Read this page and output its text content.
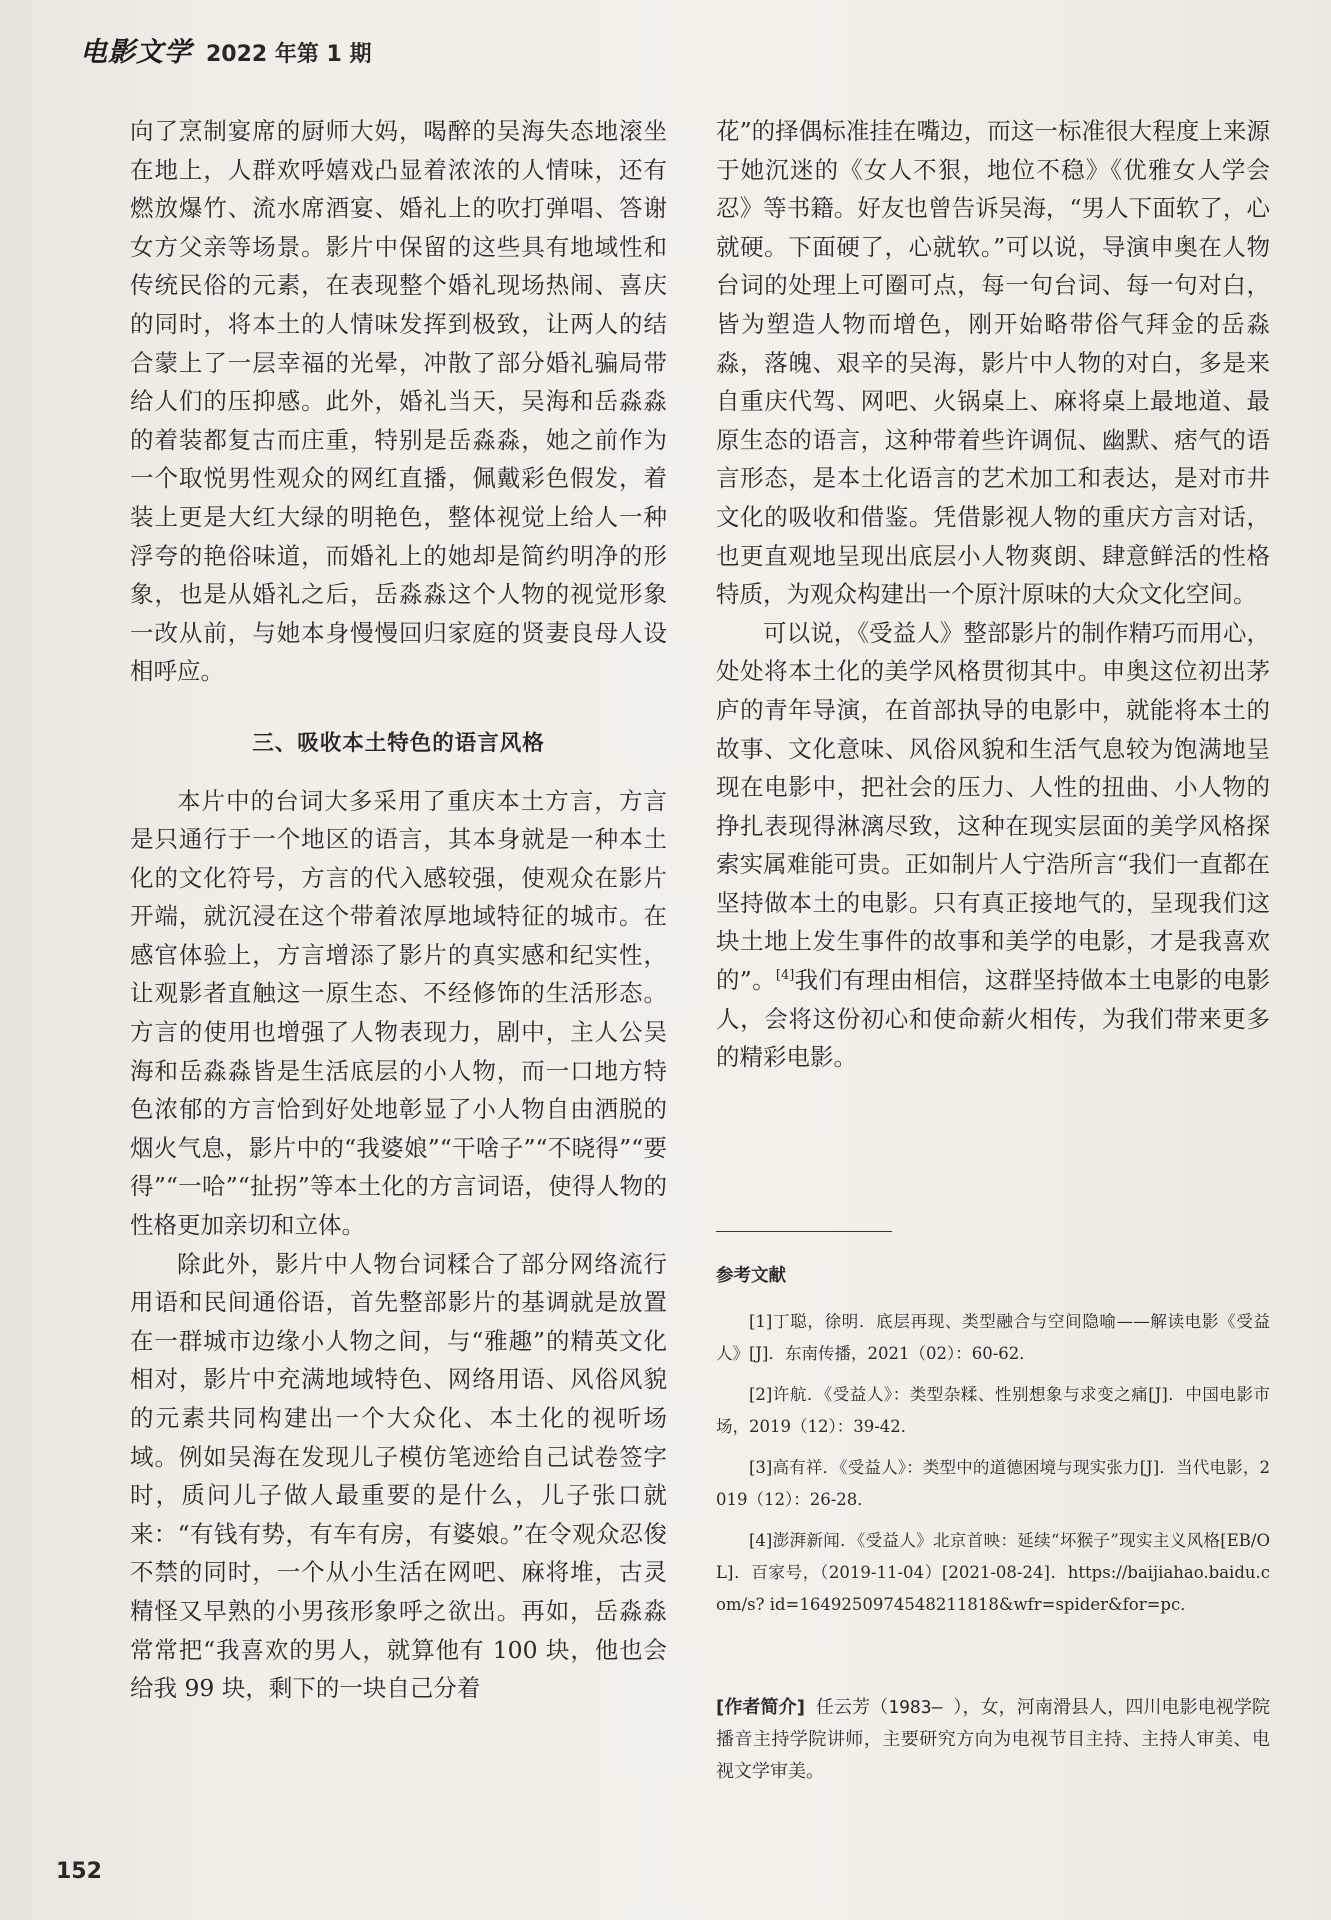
电影文学 2022 年第 1 期

向了烹制宴席的厨师大妈，喝醉的吴海失态地滚坐在地上，人群欢呼嬉戏凸显着浓浓的人情味，还有燃放爆竹、流水席酒宴、婚礼上的吹打弹唱、答谢女方父亲等场景。影片中保留的这些具有地域性和传统民俗的元素，在表现整个婚礼现场热闹、喜庆的同时，将本土的人情味发挥到极致，让两人的结合蒙上了一层幸福的光晕，冲散了部分婚礼骗局带给人们的压抑感。此外，婚礼当天，吴海和岳淼淼的着装都复古而庄重，特别是岳淼淼，她之前作为一个取悦男性观众的网红直播，佩戴彩色假发，着装上更是大红大绿的明艳色，整体视觉上给人一种浮夸的艳俗味道，而婚礼上的她却是简约明净的形象，也是从婚礼之后，岳淼淼这个人物的视觉形象一改从前，与她本身慢慢回归家庭的贤妻良母人设相呼应。

三、吸收本土特色的语言风格

本片中的台词大多采用了重庆本土方言，方言是只通行于一个地区的语言，其本身就是一种本土化的文化符号，方言的代入感较强，使观众在影片开端，就沉浸在这个带着浓厚地域特征的城市。在感官体验上，方言增添了影片的真实感和纪实性，让观影者直触这一原生态、不经修饰的生活形态。方言的使用也增强了人物表现力，剧中，主人公吴海和岳淼淼皆是生活底层的小人物，而一口地方特色浓郁的方言恰到好处地彰显了小人物自由洒脱的烟火气息，影片中的“我婆娘”“干啥子”“不晓得”“要得”“一哈”“扯拐”等本土化的方言词语，使得人物的性格更加亲切和立体。

除此外，影片中人物台词糅合了部分网络流行用语和民间通俗语，首先整部影片的基调就是放置在一群城市边缘小人物之间，与“雅趣”的精英文化相对，影片中充满地域特色、网络用语、风俗风貌的元素共同构建出一个大众化、本土化的视听场域。例如吴海在发现儿子模仿笔迹给自己试卷签字时，质问儿子做人最重要的是什么，儿子张口就来：“有钱有势，有车有房，有婆娘。”在令观众忍俊不禁的同时，一个从小生活在网吧、麻将堆，古灵精怪又早熟的小男孩形象呼之欲出。再如，岳淼淼常常把“我喜欢的男人，就算他有 100 块，他也会给我 99 块，剩下的一块自己分着

花”的择偶标准挂在嘴边，而这一标准很大程度上来源于她沉迷的《女人不狠，地位不稳》《优雅女人学会忍》等书籍。好友也曾告诉吴海，“男人下面软了，心就硬。下面硬了，心就软。”可以说，导演申奥在人物台词的处理上可圈可点，每一句台词、每一句对白，皆为塑造人物而增色，刚开始略带俗气拜金的岳淼淼，落魄、艰辛的吴海，影片中人物的对白，多是来自重庆代驾、网吧、火锅桌上、麻将桌上最地道、最原生态的语言，这种带着些许调侃、幽默、痞气的语言形态，是本土化语言的艺术加工和表达，是对市井文化的吸收和借鉴。凭借影视人物的重庆方言对话，也更直观地呈现出底层小人物爽朗、肆意鲜活的性格特质，为观众构建出一个原汁原味的大众文化空间。

可以说，《受益人》整部影片的制作精巧而用心，处处将本土化的美学风格贯彻其中。申奥这位初出茅庐的青年导演，在首部执导的电影中，就能将本土的故事、文化意味、风俗风貌和生活气息较为饱满地呈现在电影中，把社会的压力、人性的扭曲、小人物的挣扎表现得淋漓尽致，这种在现实层面的美学风格探索实属难能可贵。正如制片人宁浩所言“我们一直都在坚持做本土的电影。只有真正接地气的，呈现我们这块土地上发生事件的故事和美学的电影，才是我喜欢的”。[4]我们有理由相信，这群坚持做本土电影的电影人，会将这份初心和使命薪火相传，为我们带来更多的精彩电影。

参考文献

[1]丁聪，徐明．底层再现、类型融合与空间隐喻——解读电影《受益人》[J]．东南传播，2021（02）：60-62．

[2]许航．《受益人》：类型杂糅、性别想象与求变之痛[J]．中国电影市场，2019（12）：39-42．

[3]高有祥．《受益人》：类型中的道德困境与现实张力[J]．当代电影，2019（12）：26-28．

[4]澎湃新闻．《受益人》北京首映：延续“坏猴子”现实主义风格[EB/OL]．百家号，（2019-11-04）[2021-08-24]．https://baijiahao.baidu.com/s? id=1649250974548211818&wfr=spider&for=pc．

[作者简介] 任云芳（1983— ），女，河南滑县人，四川电影电视学院播音主持学院讲师，主要研究方向为电视节目主持、主持人审美、电视文学审美。
152
